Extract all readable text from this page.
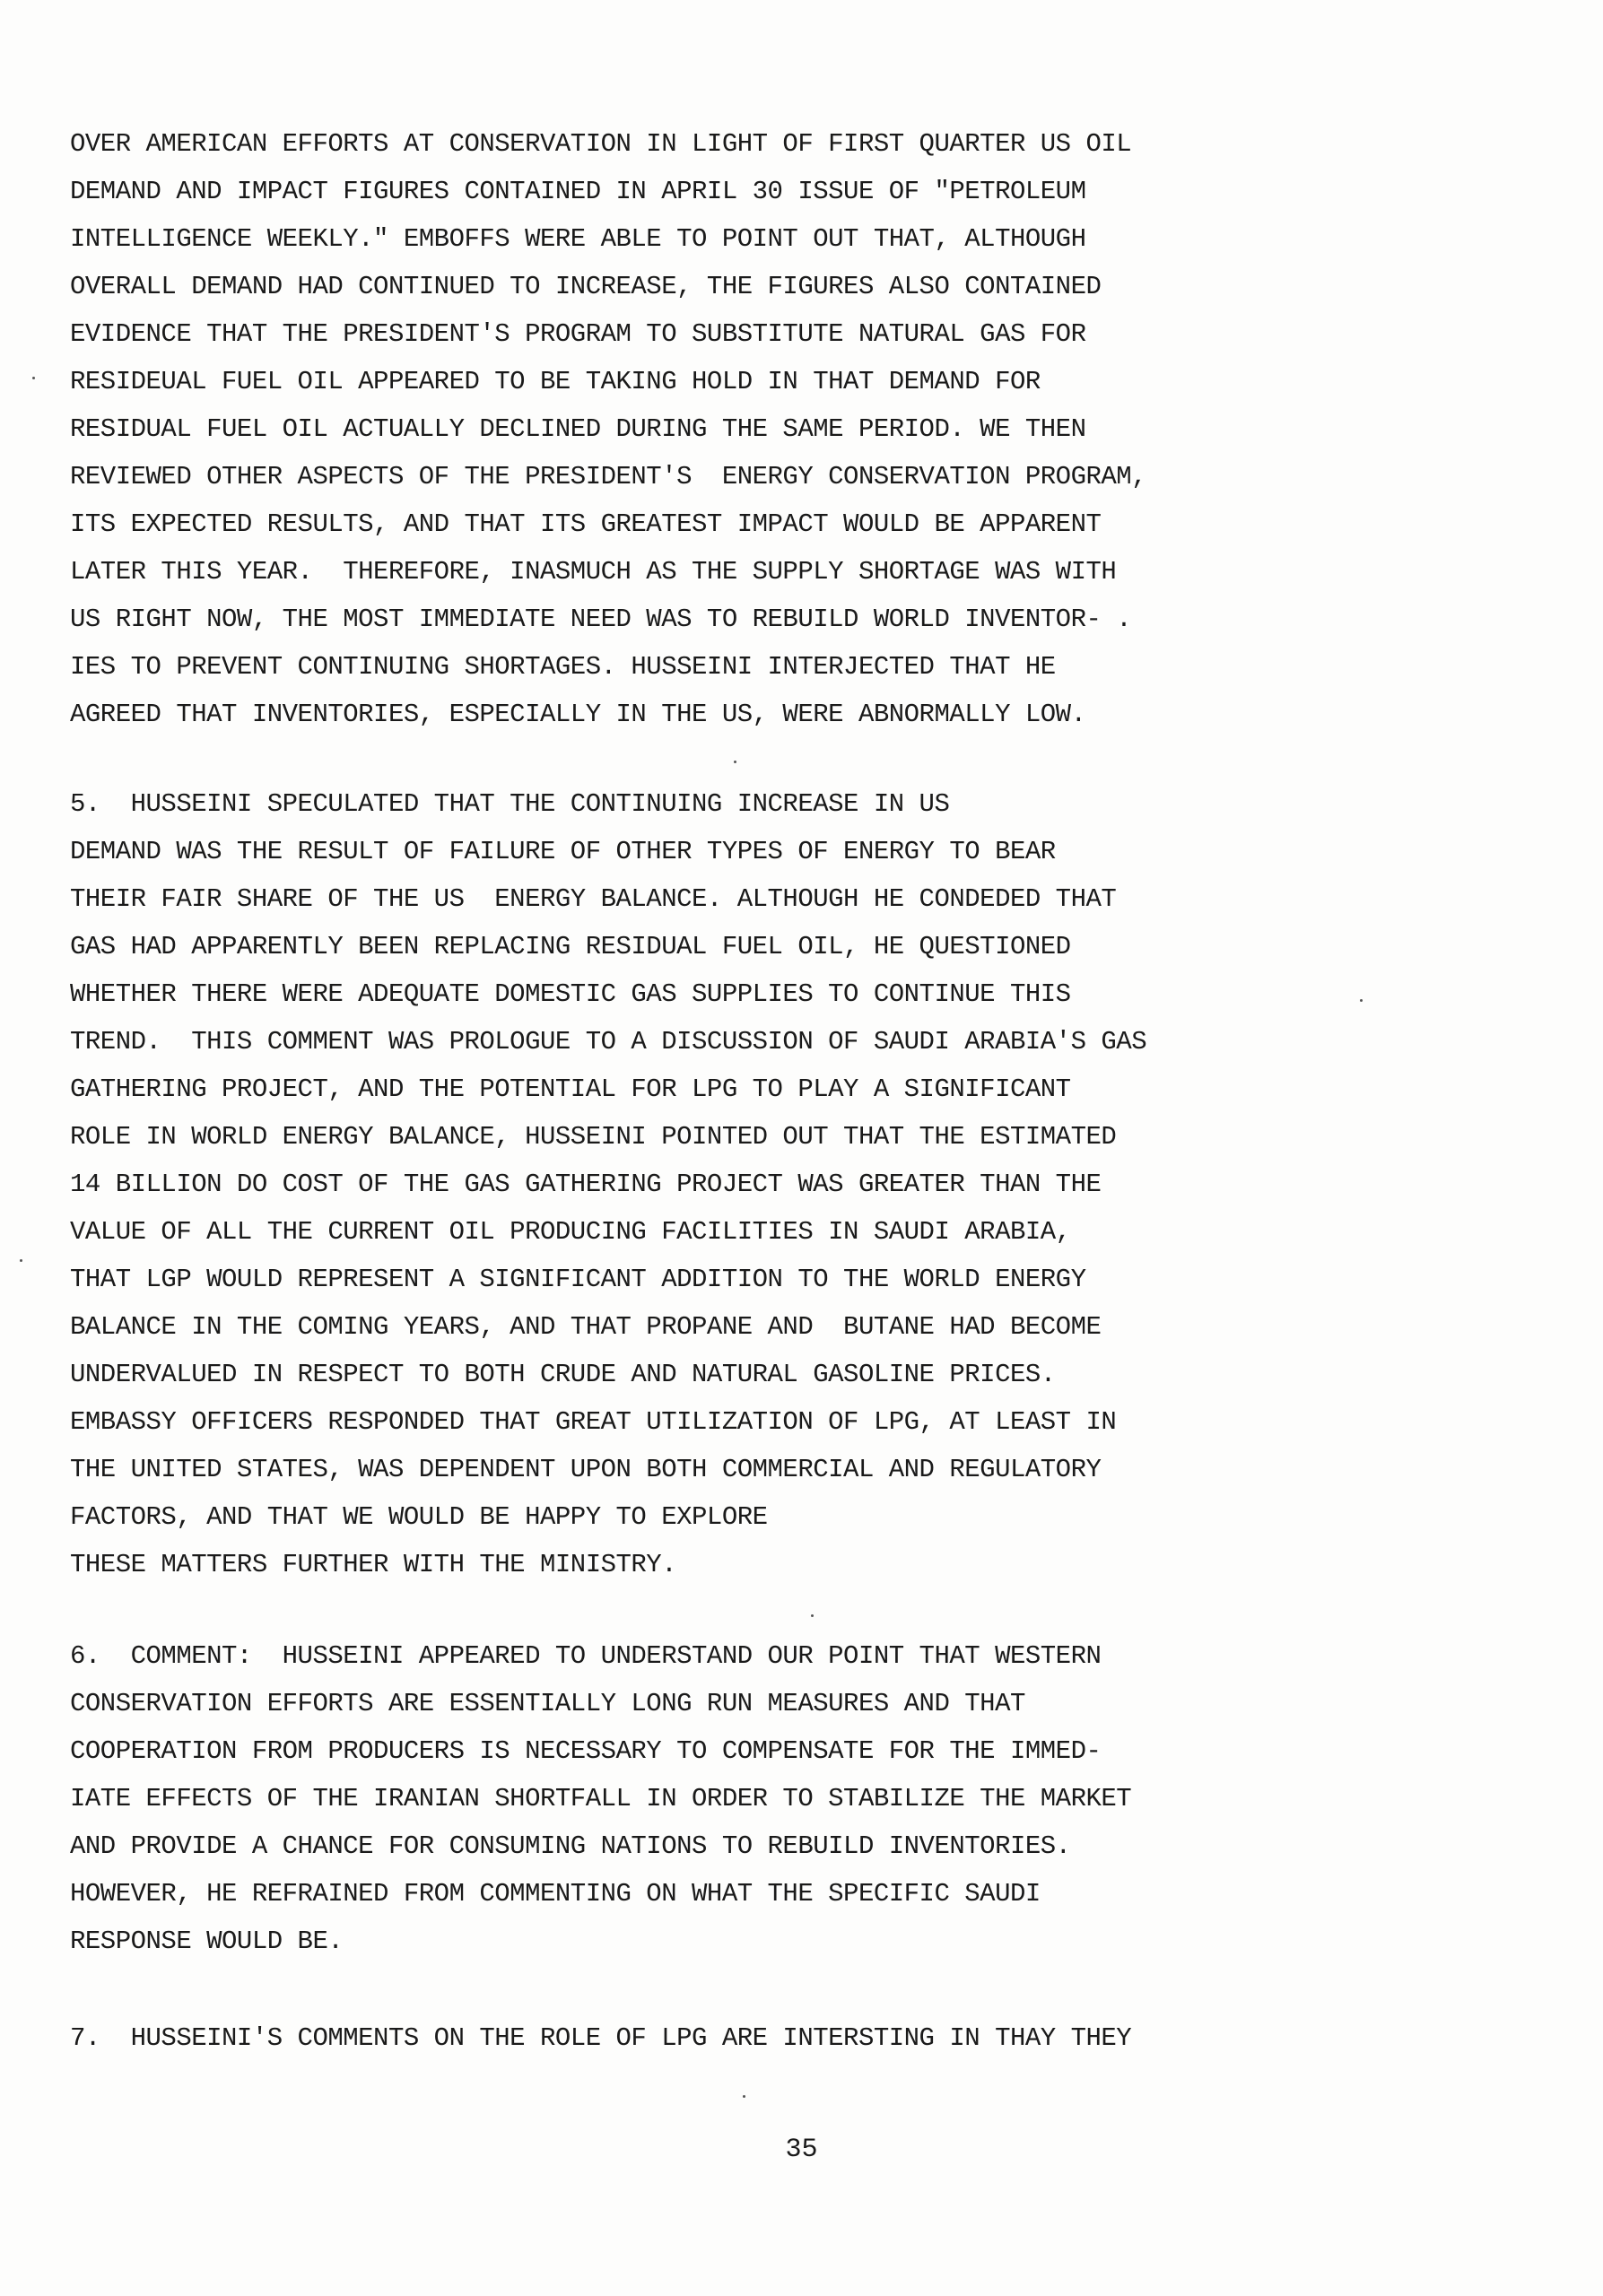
OVER AMERICAN EFFORTS AT CONSERVATION IN LIGHT OF FIRST QUARTER US OIL
DEMAND AND IMPACT FIGURES CONTAINED IN APRIL 30 ISSUE OF "PETROLEUM
INTELLIGENCE WEEKLY." EMBOFFS WERE ABLE TO POINT OUT THAT, ALTHOUGH
OVERALL DEMAND HAD CONTINUED TO INCREASE, THE FIGURES ALSO CONTAINED
EVIDENCE THAT THE PRESIDENT'S PROGRAM TO SUBSTITUTE NATURAL GAS FOR
RESIDEUAL FUEL OIL APPEARED TO BE TAKING HOLD IN THAT DEMAND FOR
RESIDUAL FUEL OIL ACTUALLY DECLINED DURING THE SAME PERIOD. WE THEN
REVIEWED OTHER ASPECTS OF THE PRESIDENT'S  ENERGY CONSERVATION PROGRAM,
ITS EXPECTED RESULTS, AND THAT ITS GREATEST IMPACT WOULD BE APPARENT
LATER THIS YEAR.  THEREFORE, INASMUCH AS THE SUPPLY SHORTAGE WAS WITH
US RIGHT NOW, THE MOST IMMEDIATE NEED WAS TO REBUILD WORLD INVENTOR- .
IES TO PREVENT CONTINUING SHORTAGES. HUSSEINI INTERJECTED THAT HE
AGREED THAT INVENTORIES, ESPECIALLY IN THE US, WERE ABNORMALLY LOW.
5.  HUSSEINI SPECULATED THAT THE CONTINUING INCREASE IN US
DEMAND WAS THE RESULT OF FAILURE OF OTHER TYPES OF ENERGY TO BEAR
THEIR FAIR SHARE OF THE US  ENERGY BALANCE. ALTHOUGH HE CONDEDED THAT
GAS HAD APPARENTLY BEEN REPLACING RESIDUAL FUEL OIL, HE QUESTIONED
WHETHER THERE WERE ADEQUATE DOMESTIC GAS SUPPLIES TO CONTINUE THIS
TREND.  THIS COMMENT WAS PROLOGUE TO A DISCUSSION OF SAUDI ARABIA'S GAS
GATHERING PROJECT, AND THE POTENTIAL FOR LPG TO PLAY A SIGNIFICANT
ROLE IN WORLD ENERGY BALANCE, HUSSEINI POINTED OUT THAT THE ESTIMATED
14 BILLION DO COST OF THE GAS GATHERING PROJECT WAS GREATER THAN THE
VALUE OF ALL THE CURRENT OIL PRODUCING FACILITIES IN SAUDI ARABIA,
THAT LGP WOULD REPRESENT A SIGNIFICANT ADDITION TO THE WORLD ENERGY
BALANCE IN THE COMING YEARS, AND THAT PROPANE AND  BUTANE HAD BECOME
UNDERVALUED IN RESPECT TO BOTH CRUDE AND NATURAL GASOLINE PRICES.
EMBASSY OFFICERS RESPONDED THAT GREAT UTILIZATION OF LPG, AT LEAST IN
THE UNITED STATES, WAS DEPENDENT UPON BOTH COMMERCIAL AND REGULATORY
FACTORS, AND THAT WE WOULD BE HAPPY TO EXPLORE
THESE MATTERS FURTHER WITH THE MINISTRY.
6.  COMMENT:  HUSSEINI APPEARED TO UNDERSTAND OUR POINT THAT WESTERN
CONSERVATION EFFORTS ARE ESSENTIALLY LONG RUN MEASURES AND THAT
COOPERATION FROM PRODUCERS IS NECESSARY TO COMPENSATE FOR THE IMMED-
IATE EFFECTS OF THE IRANIAN SHORTFALL IN ORDER TO STABILIZE THE MARKET
AND PROVIDE A CHANCE FOR CONSUMING NATIONS TO REBUILD INVENTORIES.
HOWEVER, HE REFRAINED FROM COMMENTING ON WHAT THE SPECIFIC SAUDI
RESPONSE WOULD BE.
7.  HUSSEINI'S COMMENTS ON THE ROLE OF LPG ARE INTERSTING IN THAY THEY
35
